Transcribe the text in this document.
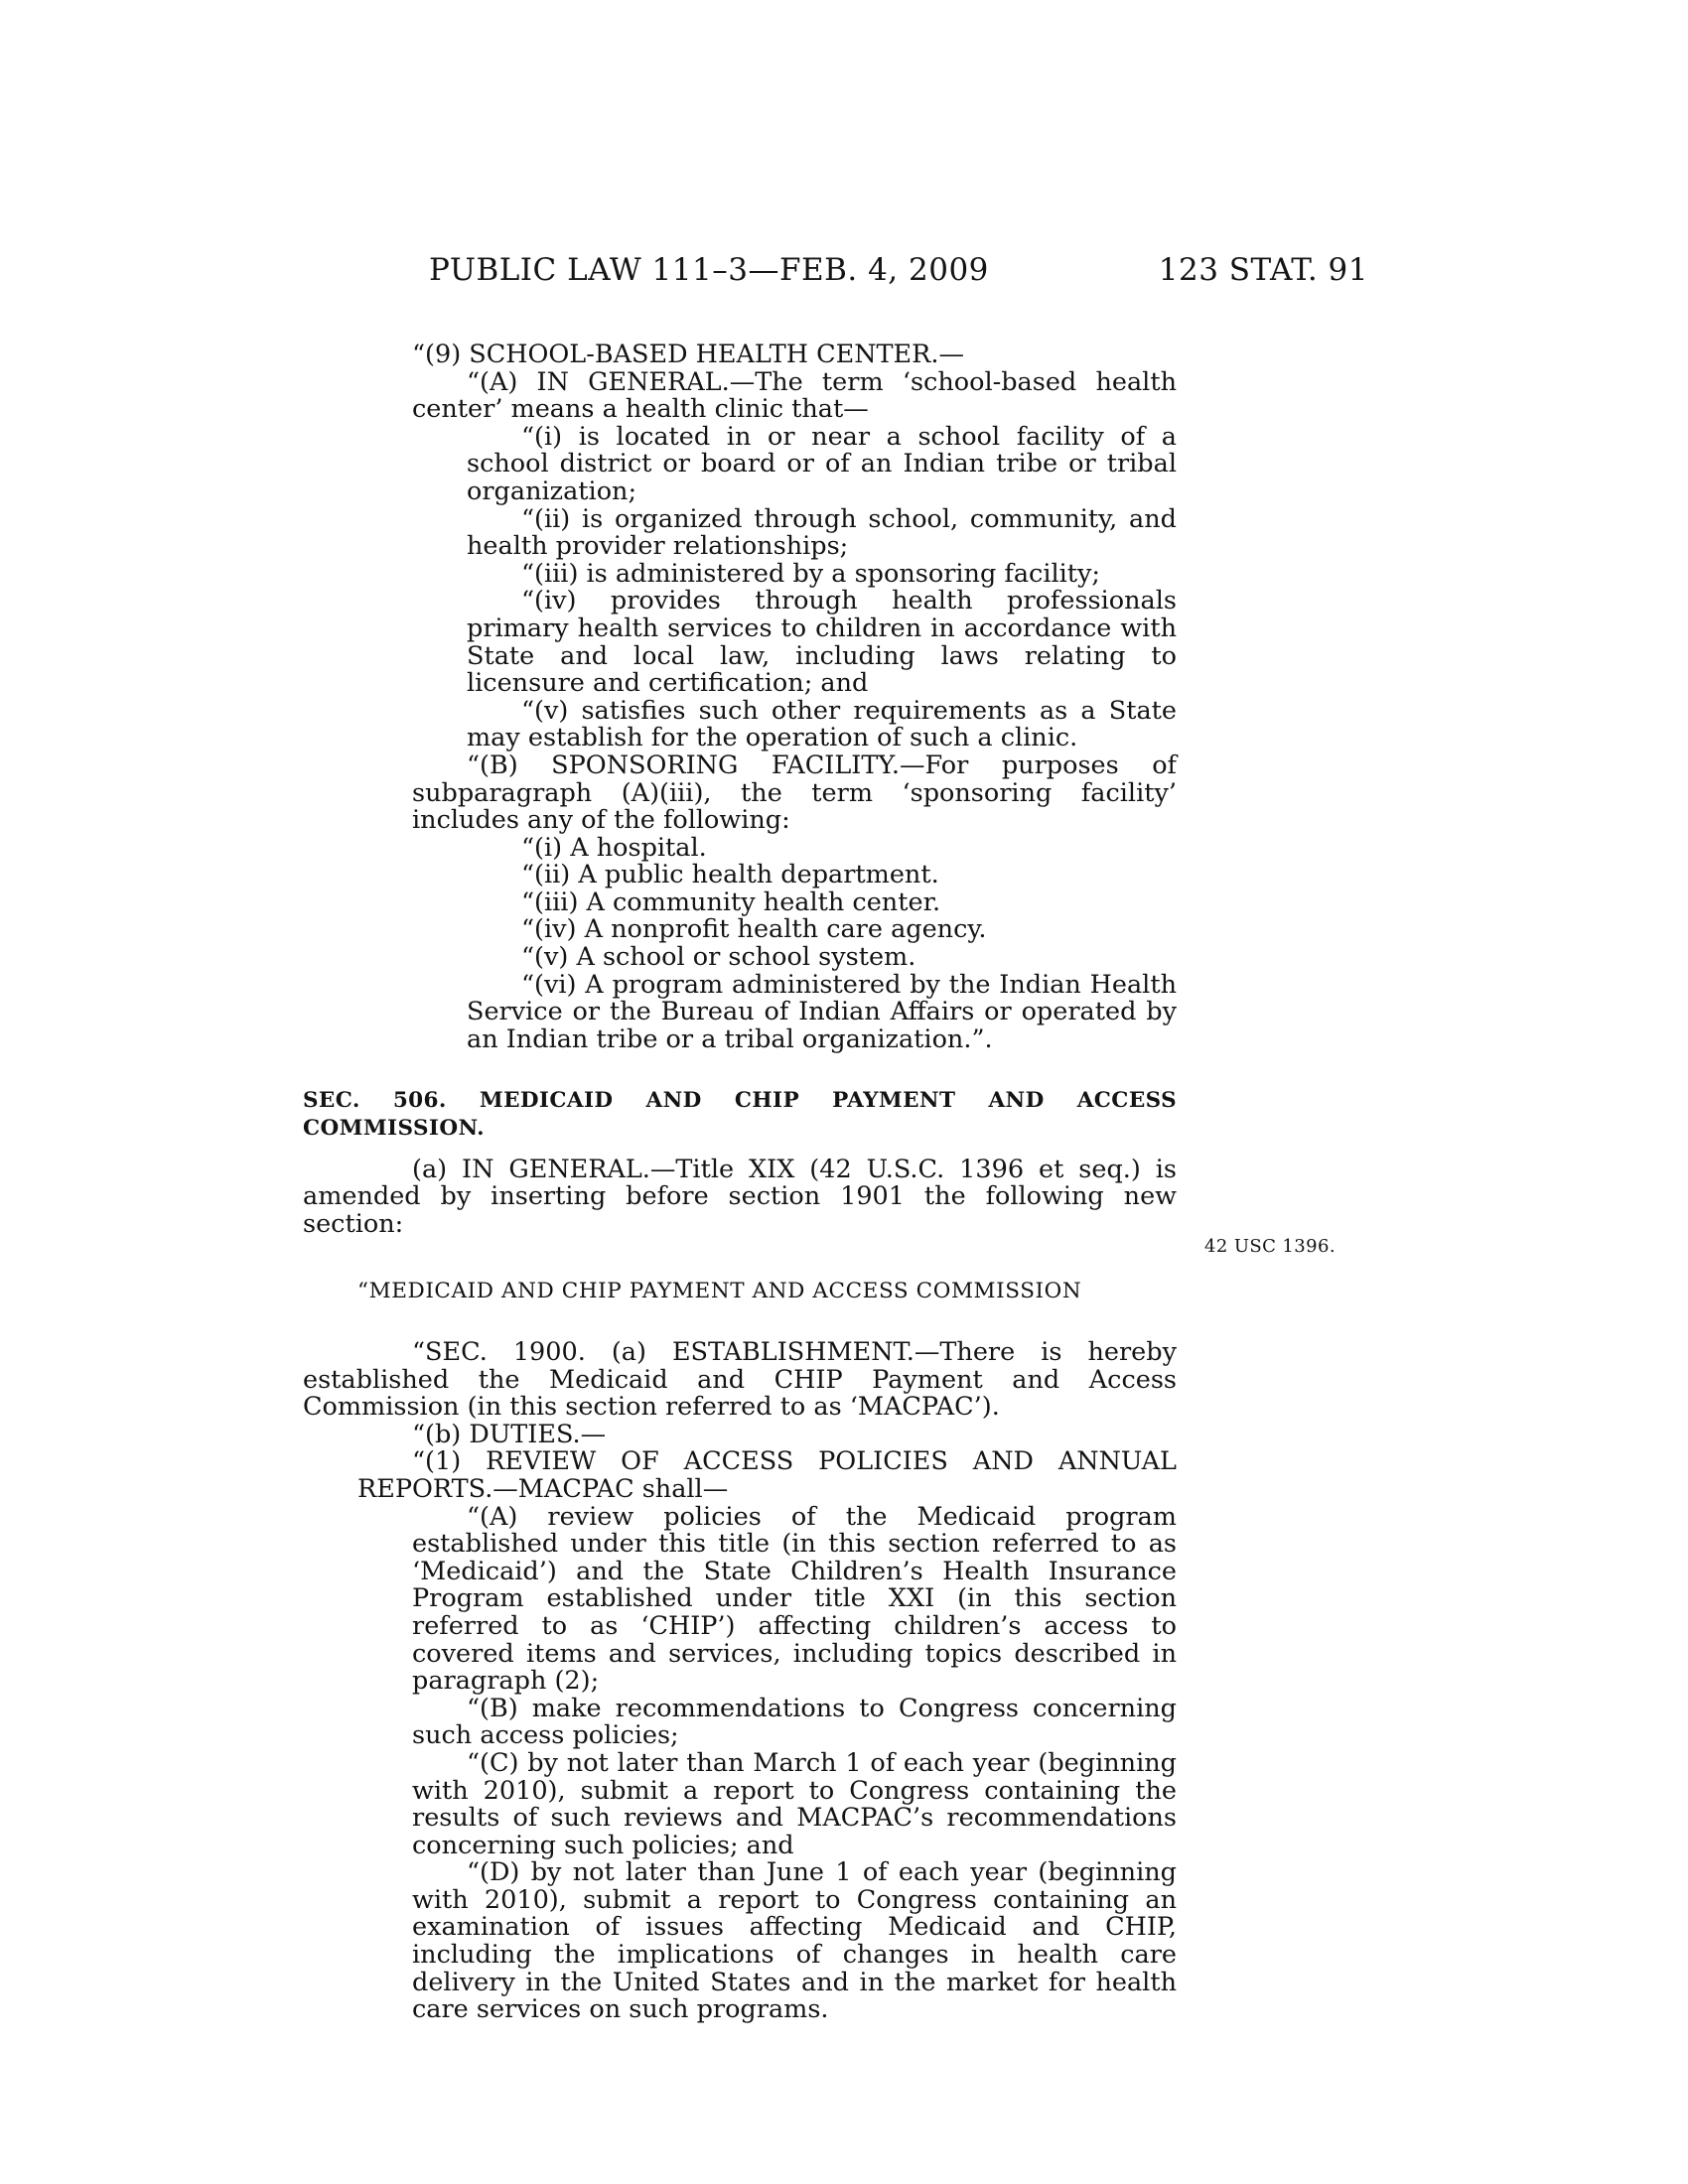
PUBLIC LAW 111–3—FEB. 4, 2009	123 STAT. 91
42 USC 1396.

“(9) SCHOOL-BASED HEALTH CENTER.—

“(A) IN GENERAL.—The term ‘school-based health center’ means a health clinic that—

“(i) is located in or near a school facility of a school district or board or of an Indian tribe or tribal organization;

“(ii) is organized through school, community, and health provider relationships;

“(iii) is administered by a sponsoring facility;

“(iv) provides through health professionals primary health services to children in accordance with State and local law, including laws relating to licensure and certification; and

“(v) satisfies such other requirements as a State may establish for the operation of such a clinic.

“(B) SPONSORING FACILITY.—For purposes of subparagraph (A)(iii), the term ‘sponsoring facility’ includes any of the following:

“(i) A hospital.

“(ii) A public health department.

“(iii) A community health center.

“(iv) A nonprofit health care agency.

“(v) A school or school system.

“(vi) A program administered by the Indian Health Service or the Bureau of Indian Affairs or operated by an Indian tribe or a tribal organization.”.

SEC. 506. MEDICAID AND CHIP PAYMENT AND ACCESS COMMISSION.

(a) IN GENERAL.—Title XIX (42 U.S.C. 1396 et seq.) is amended by inserting before section 1901 the following new section:

“MEDICAID AND CHIP PAYMENT AND ACCESS COMMISSION

“SEC. 1900. (a) ESTABLISHMENT.—There is hereby established the Medicaid and CHIP Payment and Access Commission (in this section referred to as ‘MACPAC’).

“(b) DUTIES.—

“(1) REVIEW OF ACCESS POLICIES AND ANNUAL REPORTS.—MACPAC shall—

“(A) review policies of the Medicaid program established under this title (in this section referred to as ‘Medicaid’) and the State Children’s Health Insurance Program established under title XXI (in this section referred to as ‘CHIP’) affecting children’s access to covered items and services, including topics described in paragraph (2);

“(B) make recommendations to Congress concerning such access policies;

“(C) by not later than March 1 of each year (beginning with 2010), submit a report to Congress containing the results of such reviews and MACPAC’s recommendations concerning such policies; and

“(D) by not later than June 1 of each year (beginning with 2010), submit a report to Congress containing an examination of issues affecting Medicaid and CHIP, including the implications of changes in health care delivery in the United States and in the market for health care services on such programs.
